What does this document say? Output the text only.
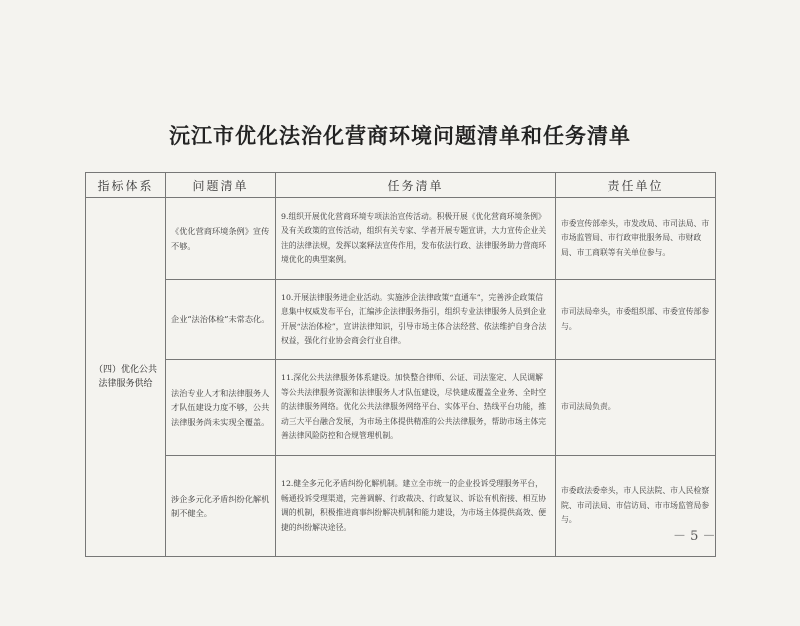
沅江市优化法治化营商环境问题清单和任务清单
指标体系	问题清单	任务清单	责任单位
（四）优化公共法律服务供给	《优化营商环境条例》宣传不够。	9.组织开展优化营商环境专项法治宣传活动。积极开展《优化营商环境条例》及有关政策的宣传活动，组织有关专家、学者开展专题宣讲，大力宣传企业关注的法律法规，发挥以案释法宣传作用，发布依法行政、法律服务助力营商环境优化的典型案例。	市委宣传部牵头，市发改局、市司法局、市市场监管局、市行政审批服务局、市财政局、市工商联等有关单位参与。
	企业“法治体检”未常态化。	10.开展法律服务进企业活动。实施涉企法律政策“直通车”，完善涉企政策信息集中权威发布平台，汇编涉企法律服务指引，组织专业法律服务人员到企业开展“法治体检”，宣讲法律知识，引导市场主体合法经营、依法维护自身合法权益，强化行业协会商会行业自律。	市司法局牵头，市委组织部、市委宣传部参与。
	法治专业人才和法律服务人才队伍建设力度不够，公共法律服务尚未实现全覆盖。	11.深化公共法律服务体系建设。加快整合律师、公证、司法鉴定、人民调解等公共法律服务资源和法律服务人才队伍建设，尽快建成覆盖全业务、全时空的法律服务网络。优化公共法律服务网络平台、实体平台、热线平台功能，推动三大平台融合发展，为市场主体提供精准的公共法律服务，帮助市场主体完善法律风险防控和合规管理机制。	市司法局负责。
	涉企多元化矛盾纠纷化解机制不健全。	12.健全多元化矛盾纠纷化解机制。建立全市统一的企业投诉受理服务平台，畅通投诉受理渠道，完善调解、行政裁决、行政复议、诉讼有机衔接、相互协调的机制，积极推进商事纠纷解决机制和能力建设，为市场主体提供高效、便捷的纠纷解决途径。	市委政法委牵头，市人民法院、市人民检察院、市司法局、市信访局、市市场监管局参与。
－ 5 －
